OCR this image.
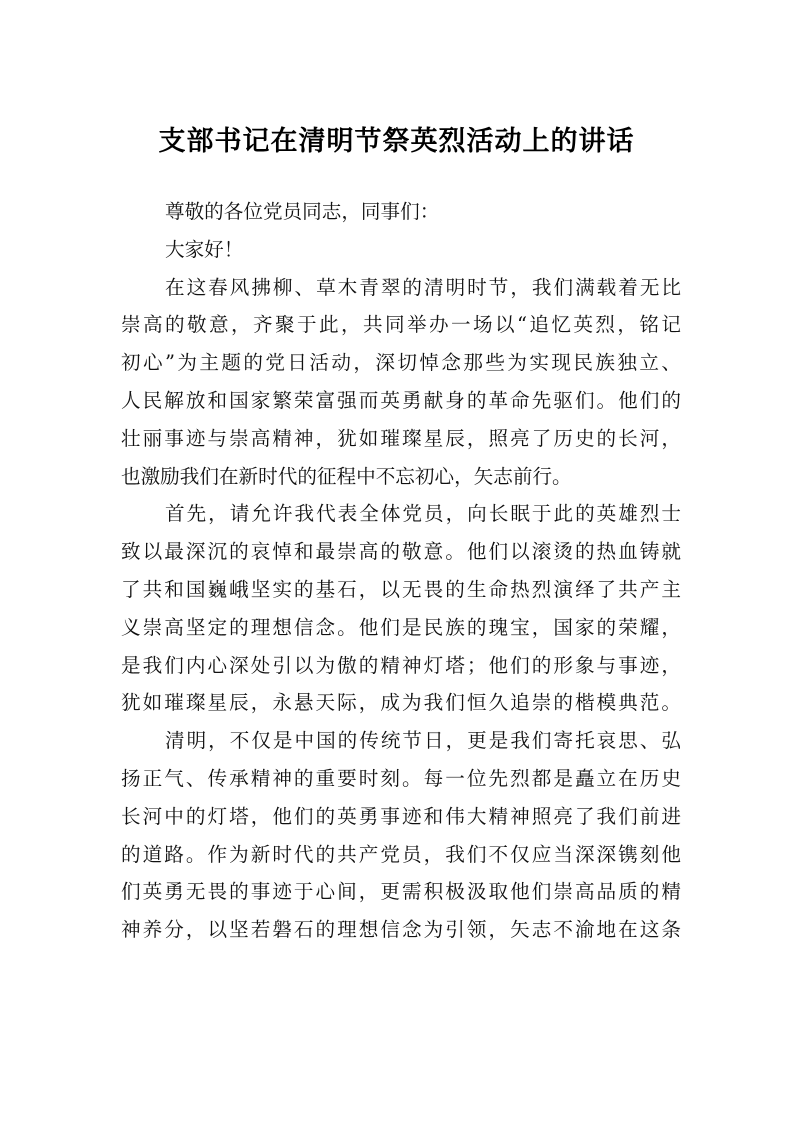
支部书记在清明节祭英烈活动上的讲话
尊敬的各位党员同志，同事们：
大家好！
在这春风拂柳、草木青翠的清明时节，我们满载着无比
崇高的敬意，齐聚于此，共同举办一场以“追忆英烈，铭记
初心”为主题的党日活动，深切悼念那些为实现民族独立、
人民解放和国家繁荣富强而英勇献身的革命先驱们。他们的
壮丽事迹与崇高精神，犹如璀璨星辰，照亮了历史的长河，
也激励我们在新时代的征程中不忘初心，矢志前行。
首先，请允许我代表全体党员，向长眠于此的英雄烈士
致以最深沉的哀悼和最崇高的敬意。他们以滚烫的热血铸就
了共和国巍峨坚实的基石，以无畏的生命热烈演绎了共产主
义崇高坚定的理想信念。他们是民族的瑰宝，国家的荣耀，
是我们内心深处引以为傲的精神灯塔；他们的形象与事迹，
犹如璀璨星辰，永悬天际，成为我们恒久追崇的楷模典范。
清明，不仅是中国的传统节日，更是我们寄托哀思、弘
扬正气、传承精神的重要时刻。每一位先烈都是矗立在历史
长河中的灯塔，他们的英勇事迹和伟大精神照亮了我们前进
的道路。作为新时代的共产党员，我们不仅应当深深镌刻他
们英勇无畏的事迹于心间，更需积极汲取他们崇高品质的精
神养分，以坚若磐石的理想信念为引领，矢志不渝地在这条
